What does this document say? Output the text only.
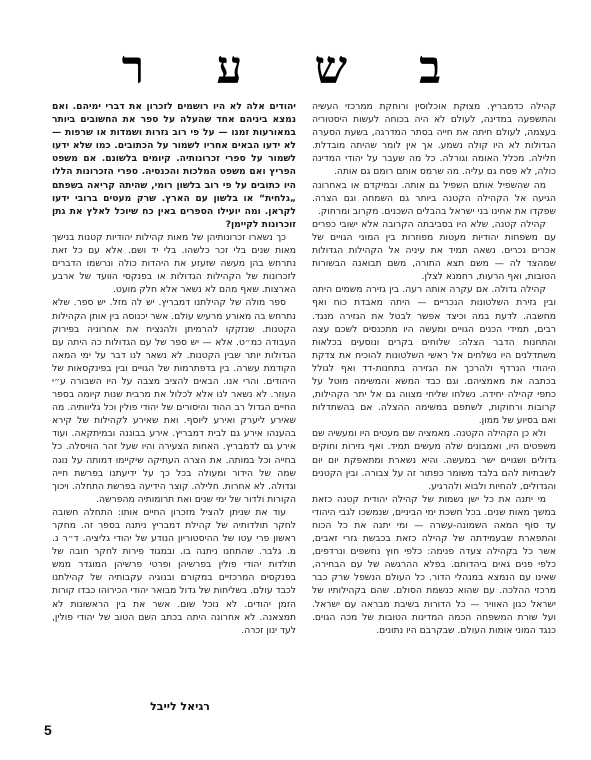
ב ש ע ר

קהילה כדמבריץ. מצוּקת אוכלוסין ורוחקת ממרכזי העשיה והתשפעה במדינה, לעולם לא היה בכוחה לעשות היסטוריה בעצמה, לעולם חיתה את חייה בסתר המדרגה, בשעת הסערה הגדולות לא היו קולה נשמע. אך אין לומר שהיתה מובדלת. חלילה. מכלל האומה וגורלה. כל מה שעבר על יהודי המדינה כולה, לא פסח גם עליה. מה שרמס אותם רומם גם אותה.

מה שהשפיל אותם השפיל גם אותה. ובמיקדם או באחרונה הגיעה אל הקהילה הקטנה ביותר גם השמחה וגם הצרה. שפקדו את אחינו בני ישראל בהבלים השכנים. מקרוב ומרחוק.

קהילה קטנה, שלא היו בסביבתה הקרובה אלא ישובי כפרים עם משפחות יהודיות מעטות מפוזרות בין המוני הגויים של אכרים נכרים. נשאה תמיד את עיניה אל הקהילות הגדולות שמהצד לה — משם תצא התורה, משם תבואנה הבשורות הטובות, ואף הרעות, רחמנא לצלן.

קהילה גדולה. אם עקרה אותה רעה. בין גזירה משמים היתה ובין גזירת השלטונות הנכריים — היתה מאבדת כוח ואף מחשבה. לדעת במה וכיצד אפשר לבטל את הגזירה מנגד. רבים, תמידי הכנים הגויים ומעשה היו מתכנסים לשכם עצה והתחנות הדבר הצלה: שלוחים בקרים ונוסעים בכלאות משתדלנים היו נשלחים אל ראשי השלטונות להוכיח את צדקת היהודי הנרדף ולהרכך את הגזירה בתחנות-דד ואף לגולל בכתבה את מאמציהם. וגם כבד המשא והמשימה מוטל על כתפי קהילה יחידה. נשלחו שליחי מצווה גם אל יתר הקהילות, קרובות ורחוקות, לשתפם במשימה ההצלה. אם בהשתדלות ואם בסיוע של ממון.

ולא כן הקהילה הקטנה. מאמציה שם מעטים היו ומעשיה שם משפטים היו, ואמבונים שלה מעשים תמיד. ואף גזירות וחוקים גדולים ושגויים ישר במעשה. והיא נשארת ומתאפקת יום יום לשבתיות להם בלבד משומר כפתור זה על צבורה. ובין הקטנים והגדולים, להחיות ולבוא ולהרגיע.

מי יתנה את כל ישן נשמות של קהילה יהודית קטנה כזאת במשך מאות שנים. בכל חשכת ימי הביניים, שנמשכו לגבי היהודי עד סוף המאה השמונה-עשרה — ומי יתנה את כל הכוח והתפארת שבעמידתה של קהילה כזאת בכבשת גזרי זאבים, אשר כל בקהילה צעדה פנימה: כלפי חוץ נחשפים ונרדפים, כלפי פנים גאים ביהדותם. בפלא ההרגשה של עם הבחירה, שאינו עם הנמצא במנהלי הדור. כל העולם הנשפל שרק כבר מרכזי ההלכה. עם שהוא כנשמת הסולם. שהם בקהילותיו של ישראל כגון האוויר — כל הדורות בשיבת מבראה עם ישראל. ועל שורת המשפחה הכמה המדינות הטובות של מכה הגוים. כנגד המוני אומות העולם. שבקרבם היו נתונים.

יהודים אלה לא היו רושמים לזכרון את דברי ימיהם. ואם נמצא ביניהם אחד שהעלה על ספר את החשובים ביותר במאורעות זמנו — על פי רוב גזרות ושמדות או שרפות — לא ידעו הבאים אחריו לשמור על הכתובים. כמו שלא ידעו לשמור על ספרי זכרונותיה. קיומים בלשונם. אם משפט הפריץ ואם משפט המלכות והכנסיה. ספרי הזכרונות הללו היו כתובים על פי רוב בלשון רומי, שהיתה קריאה בשפתם „גלחית“ או בלשון עם הארץ. שרק מעטים ברובי ידעו לקראן. ומה יועילו הספרים באין כח שיוכל לאלץ את גתן זוכרונות לקיימן?

כך נשארו זכרונותיהן של מאות קהילות יהודיות קטנות בנישך מאות שנים בלי זכר כלשהו. בלי יד ושם. אלא עם כל זאת נתרחש בהן מעשה שזעזע את היהדות כולה ונרשמו הדברים לזכרונות של הקהילות הגדולות או בפנקסי הוועד של ארבע הארצות. שאף מהם לא נשאר אלא חלק מועט.

ספר מולה של קהילתנו דמבריץ. יש לה מזל. יש ספר. שלא נתרחש בה מאורע מרעיש עולם. אשר יכנוסה בין אותן הקהילות הקטנות. שנזקקו להרמיתן ולהנציח את אחרוניה בפירוק העבודה כמ״ט. אלא — יש ספר של עם הגדולות כה היתה עם הגדולות יותר שבין הקטנות. לא נשאר לנו דבר על ימי המאה הקודמת עשרה. בין בדפתרמות של הגויים ובין בפינקסאות של היהודים. והרי אנו. הבאים להציב מצבה על היו השבורה ע״י העוזר. לא נשאר לנו אלא לכלול את מרבית שנות קיומה בספר החיים הגדול רב ההוד והיסורים של יהודי פולין וכל גליוותיה. מה שאירע ליערק ואירע ליוסף. ואת שאירע לקהילות של קירא בהענהו אירע גם לבית דמבריץ. אירע בבוננה ובמיתקאה. ועוד אירע גם לדמבריץ. האחות הצעירה והיו שעל זהר הוויסלה. כל בחייה וכל במותה. את הצרה העתיקה שיקיימו דמותה על נוגה שמה של הידור ומעולה בכל כך על ידיעתנו בפרשת חייה וגדולה. לא אחרות. חלילה. קוצר הידיעה בפרשת התחלה. ויכוך הקורות ולדור של ימי שנים ואת תרומותיה מהפרשה.

עוד את שניתן להציל מזכרון החיים אותו: התחלה חשובה לחקר תולדותיה של קהילת דמבריץ ניתנה בספר זה. מחקר ראשון פרי עטו של ההיסטוריון הנודע של יהודי גליציה. ד״ר נ. מ. גלבר. שהתחנו ניתנה בו. ובמגוד פירות לחקר חובה של תולדות יהודי פולין בפרשיהן ופרטי פרשיהן המוגדר ממש בפנקסים המרכזיים במקורם ובנוגיה עקבותיה של קהילתנו לכבד עולם. בשליחות של גדול מבואר יהודי הכירוהו כבדו קורות הזמן יהודים. לא נוכל שום. אשר את בין הראשונות לא תמצאנה. לא אחרונה היתה בכתב השם הטוב של יהודי פולין, לעד ינון זכרה.

רגיאל לייבל
5
